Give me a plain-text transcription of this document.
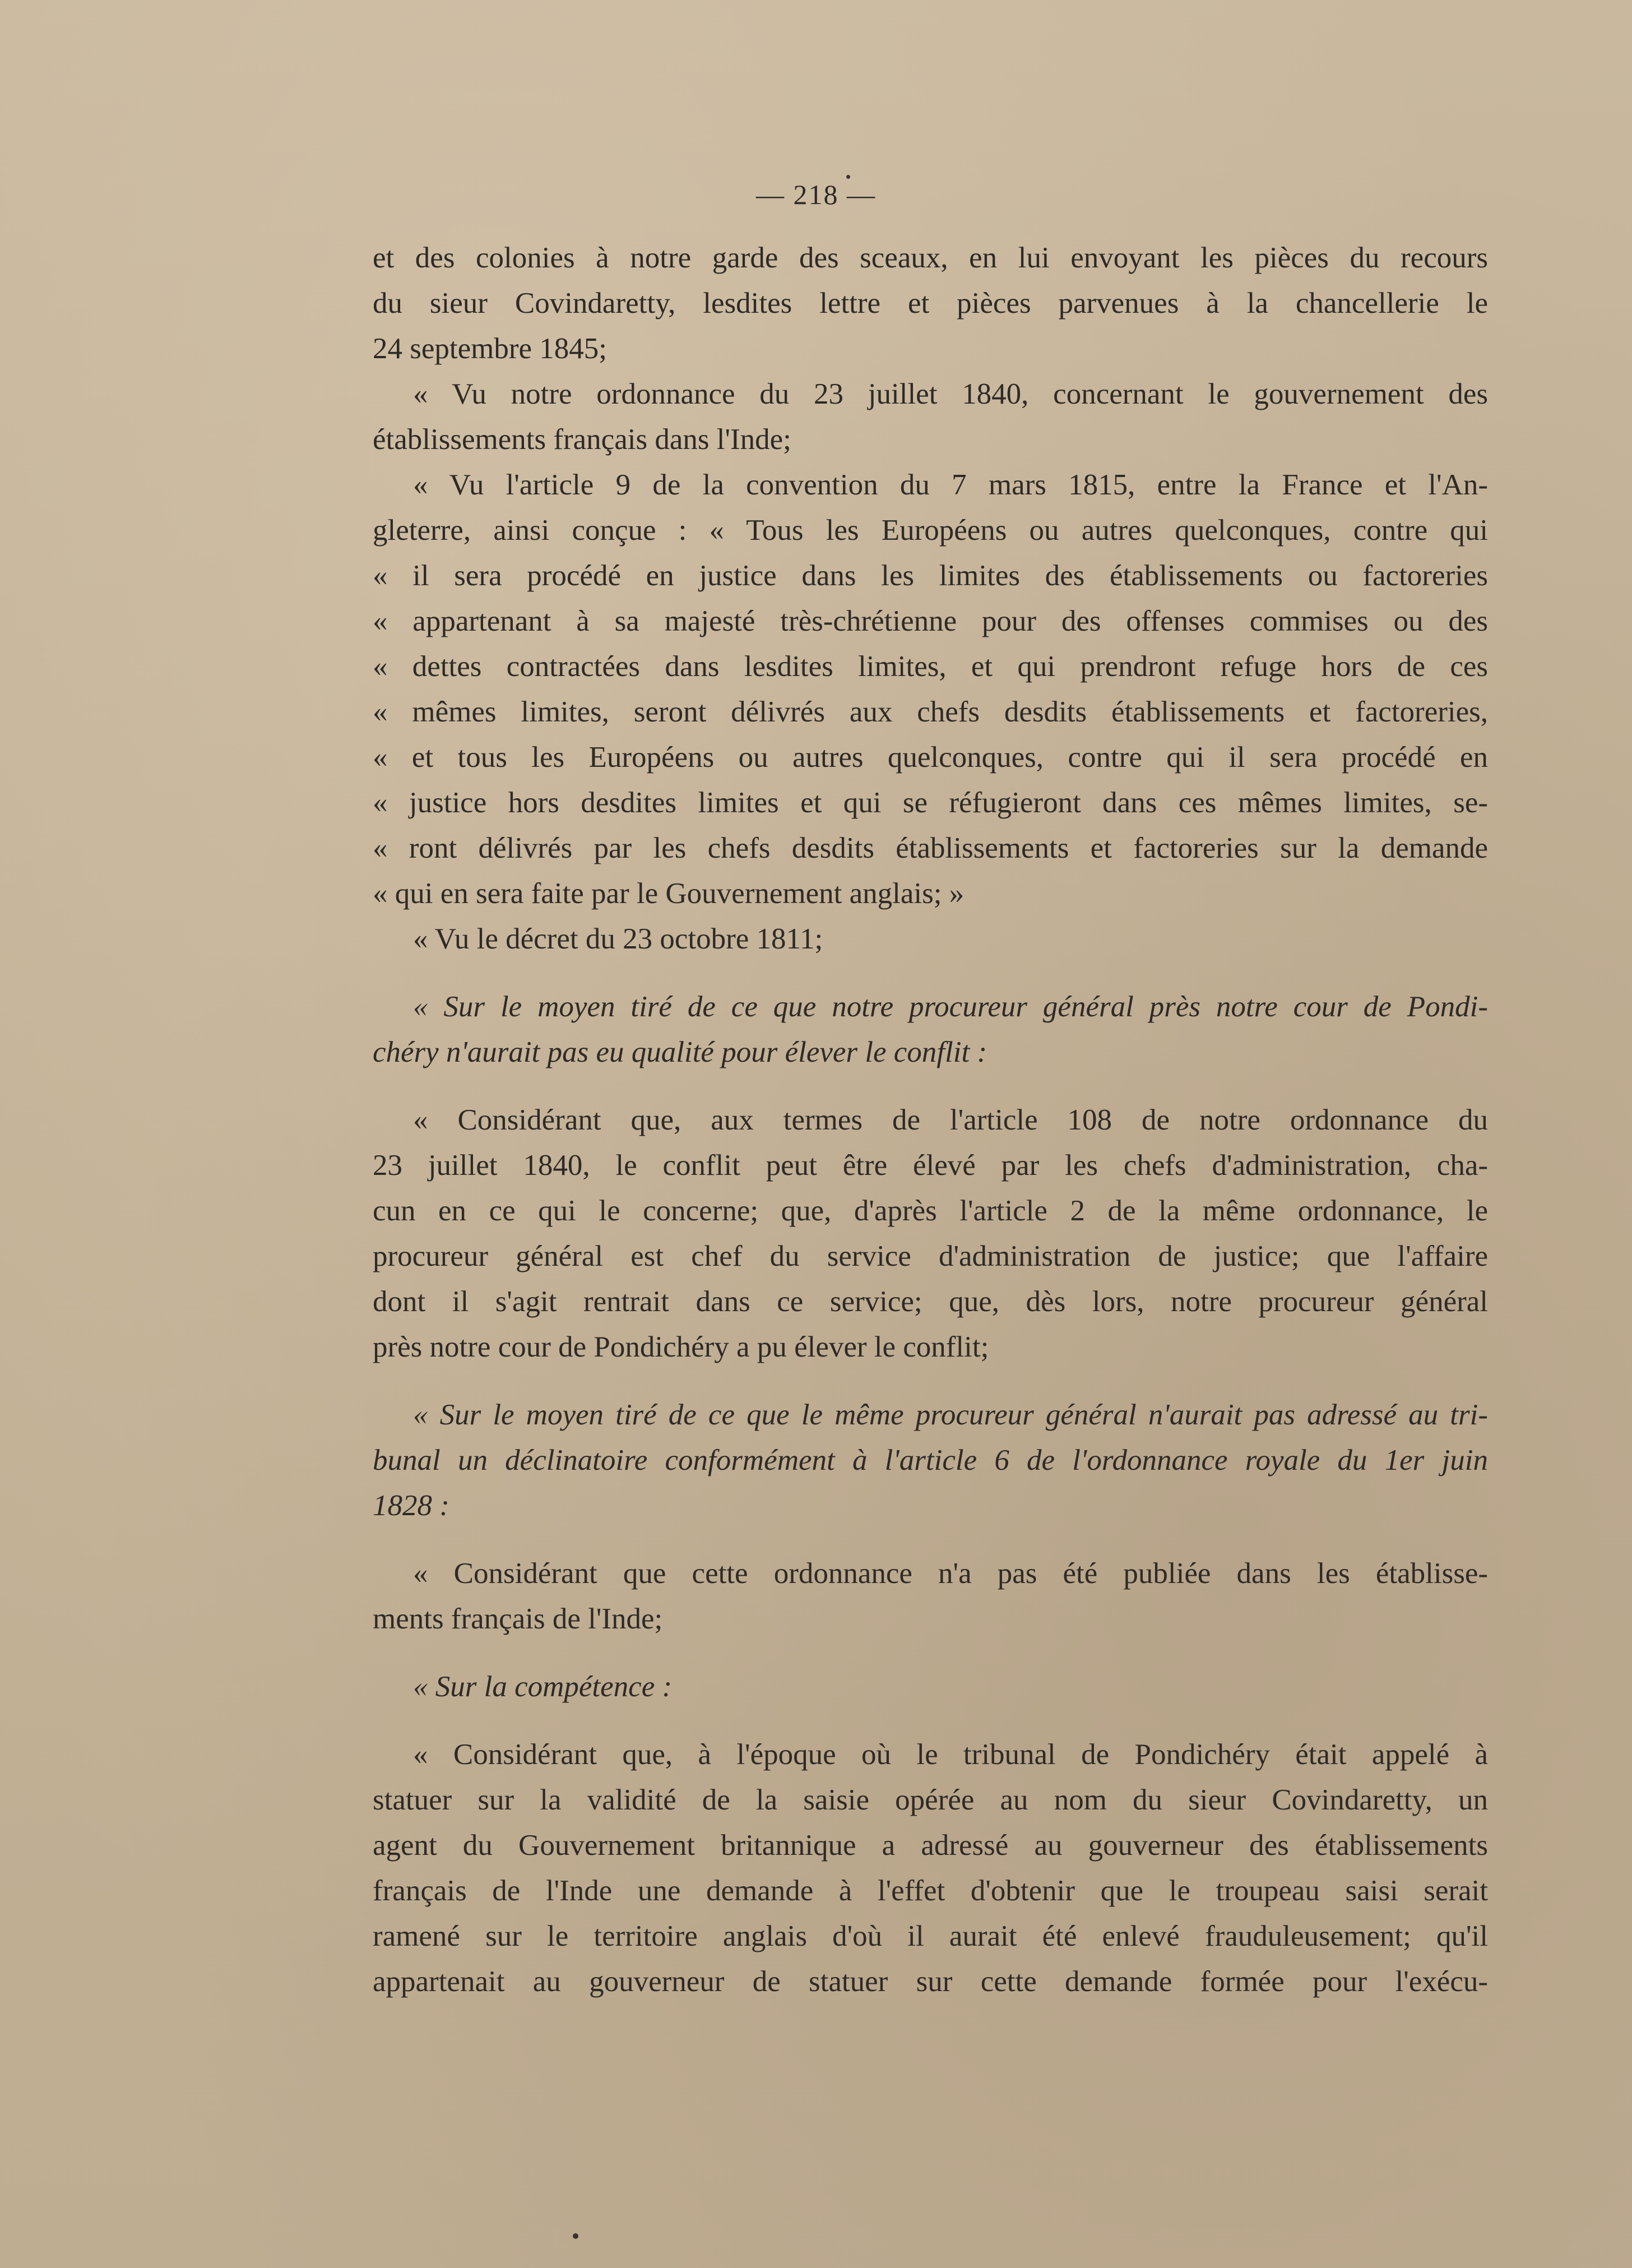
— 218 —
et des colonies à notre garde des sceaux, en lui envoyant les pièces du recours
du sieur Covindaretty, lesdites lettre et pièces parvenues à la chancellerie le
24 septembre 1845;
« Vu notre ordonnance du 23 juillet 1840, concernant le gouvernement des
établissements français dans l'Inde;
« Vu l'article 9 de la convention du 7 mars 1815, entre la France et l'An-
gleterre, ainsi conçue : « Tous les Européens ou autres quelconques, contre qui
« il sera procédé en justice dans les limites des établissements ou factoreries
« appartenant à sa majesté très-chrétienne pour des offenses commises ou des
« dettes contractées dans lesdites limites, et qui prendront refuge hors de ces
« mêmes limites, seront délivrés aux chefs desdits établissements et factoreries,
« et tous les Européens ou autres quelconques, contre qui il sera procédé en
« justice hors desdites limites et qui se réfugieront dans ces mêmes limites, se-
« ront délivrés par les chefs desdits établissements et factoreries sur la demande
« qui en sera faite par le Gouvernement anglais; »
« Vu le décret du 23 octobre 1811;
« Sur le moyen tiré de ce que notre procureur général près notre cour de Pondi-
chéry n'aurait pas eu qualité pour élever le conflit :
« Considérant que, aux termes de l'article 108 de notre ordonnance du
23 juillet 1840, le conflit peut être élevé par les chefs d'administration, cha-
cun en ce qui le concerne; que, d'après l'article 2 de la même ordonnance, le
procureur général est chef du service d'administration de justice; que l'affaire
dont il s'agit rentrait dans ce service; que, dès lors, notre procureur général
près notre cour de Pondichéry a pu élever le conflit;
« Sur le moyen tiré de ce que le même procureur général n'aurait pas adressé au tri-
bunal un déclinatoire conformément à l'article 6 de l'ordonnance royale du 1er juin
1828 :
« Considérant que cette ordonnance n'a pas été publiée dans les établisse-
ments français de l'Inde;
« Sur la compétence :
« Considérant que, à l'époque où le tribunal de Pondichéry était appelé à
statuer sur la validité de la saisie opérée au nom du sieur Covindaretty, un
agent du Gouvernement britannique a adressé au gouverneur des établissements
français de l'Inde une demande à l'effet d'obtenir que le troupeau saisi serait
ramené sur le territoire anglais d'où il aurait été enlevé frauduleusement; qu'il
appartenait au gouverneur de statuer sur cette demande formée pour l'exécu-
